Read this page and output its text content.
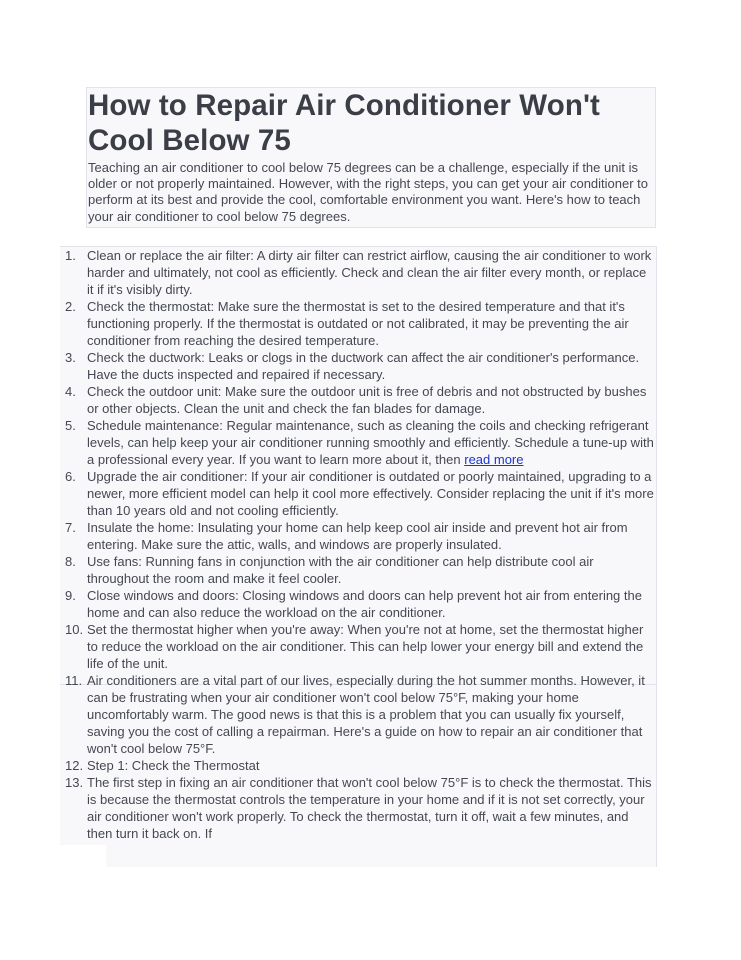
How to Repair Air Conditioner Won't Cool Below 75

Teaching an air conditioner to cool below 75 degrees can be a challenge, especially if the unit is older or not properly maintained. However, with the right steps, you can get your air conditioner to perform at its best and provide the cool, comfortable environment you want. Here's how to teach your air conditioner to cool below 75 degrees.

1. Clean or replace the air filter: A dirty air filter can restrict airflow, causing the air conditioner to work harder and ultimately, not cool as efficiently. Check and clean the air filter every month, or replace it if it's visibly dirty.
2. Check the thermostat: Make sure the thermostat is set to the desired temperature and that it's functioning properly. If the thermostat is outdated or not calibrated, it may be preventing the air conditioner from reaching the desired temperature.
3. Check the ductwork: Leaks or clogs in the ductwork can affect the air conditioner's performance. Have the ducts inspected and repaired if necessary.
4. Check the outdoor unit: Make sure the outdoor unit is free of debris and not obstructed by bushes or other objects. Clean the unit and check the fan blades for damage.
5. Schedule maintenance: Regular maintenance, such as cleaning the coils and checking refrigerant levels, can help keep your air conditioner running smoothly and efficiently. Schedule a tune-up with a professional every year. If you want to learn more about it, then read more
6. Upgrade the air conditioner: If your air conditioner is outdated or poorly maintained, upgrading to a newer, more efficient model can help it cool more effectively. Consider replacing the unit if it's more than 10 years old and not cooling efficiently.
7. Insulate the home: Insulating your home can help keep cool air inside and prevent hot air from entering. Make sure the attic, walls, and windows are properly insulated.
8. Use fans: Running fans in conjunction with the air conditioner can help distribute cool air throughout the room and make it feel cooler.
9. Close windows and doors: Closing windows and doors can help prevent hot air from entering the home and can also reduce the workload on the air conditioner.
10. Set the thermostat higher when you're away: When you're not at home, set the thermostat higher to reduce the workload on the air conditioner. This can help lower your energy bill and extend the life of the unit.
11. Air conditioners are a vital part of our lives, especially during the hot summer months. However, it can be frustrating when your air conditioner won't cool below 75°F, making your home uncomfortably warm. The good news is that this is a problem that you can usually fix yourself, saving you the cost of calling a repairman. Here's a guide on how to repair an air conditioner that won't cool below 75°F.
12. Step 1: Check the Thermostat
13. The first step in fixing an air conditioner that won't cool below 75°F is to check the thermostat. This is because the thermostat controls the temperature in your home and if it is not set correctly, your air conditioner won't work properly. To check the thermostat, turn it off, wait a few minutes, and then turn it back on. If
